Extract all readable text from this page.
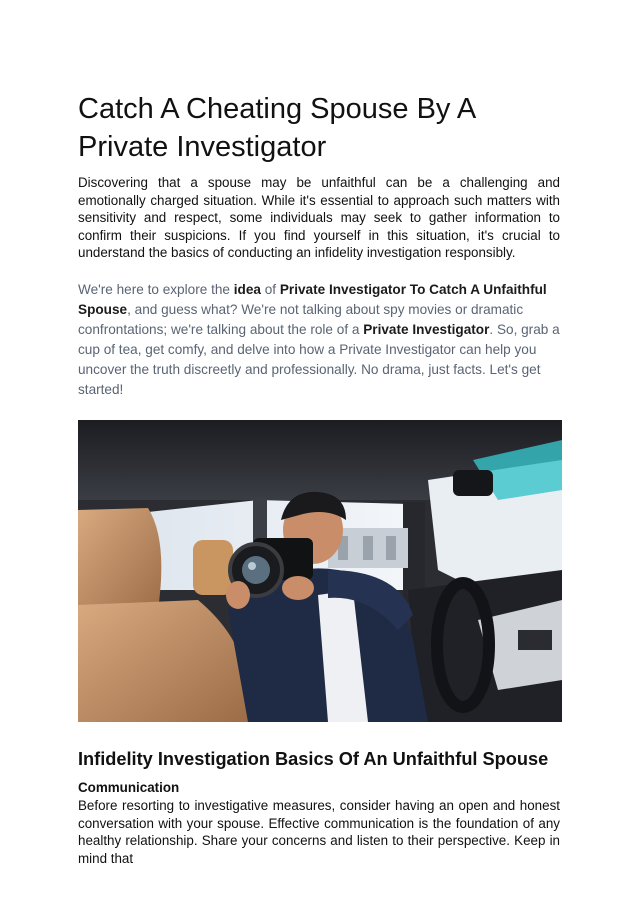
Catch A Cheating Spouse By A Private Investigator

Discovering that a spouse may be unfaithful can be a challenging and emotionally charged situation. While it's essential to approach such matters with sensitivity and respect, some individuals may seek to gather information to confirm their suspicions. If you find yourself in this situation, it's crucial to understand the basics of conducting an infidelity investigation responsibly.

We're here to explore the idea of Private Investigator To Catch A Unfaithful Spouse, and guess what? We're not talking about spy movies or dramatic confrontations; we're talking about the role of a Private Investigator. So, grab a cup of tea, get comfy, and delve into how a Private Investigator can help you uncover the truth discreetly and professionally. No drama, just facts. Let's get started!

Infidelity Investigation Basics Of An Unfaithful Spouse
Communication

Before resorting to investigative measures, consider having an open and honest conversation with your spouse. Effective communication is the foundation of any healthy relationship. Share your concerns and listen to their perspective. Keep in mind that
